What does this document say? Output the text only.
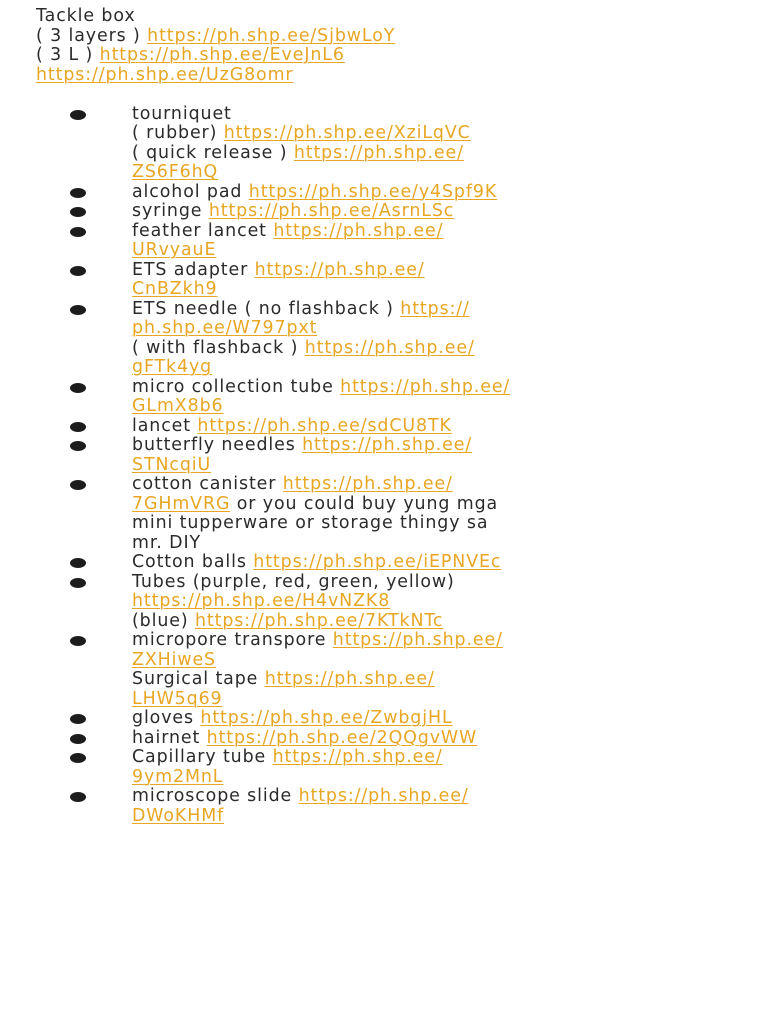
Tackle box
( 3 layers ) https://ph.shp.ee/SjbwLoY
( 3 L ) https://ph.shp.ee/EveJnL6
https://ph.shp.ee/UzG8omr
tourniquet
( rubber) https://ph.shp.ee/XziLqVC
( quick release ) https://ph.shp.ee/
ZS6F6hQ
alcohol pad https://ph.shp.ee/y4Spf9K
syringe https://ph.shp.ee/AsrnLSc
feather lancet https://ph.shp.ee/
URvyauE
ETS adapter https://ph.shp.ee/
CnBZkh9
ETS needle ( no flashback ) https://
ph.shp.ee/W797pxt
( with flashback ) https://ph.shp.ee/
gFTk4yg
micro collection tube https://ph.shp.ee/
GLmX8b6
lancet https://ph.shp.ee/sdCU8TK
butterfly needles https://ph.shp.ee/
STNcqiU
cotton canister https://ph.shp.ee/
7GHmVRG or you could buy yung mga
mini tupperware or storage thingy sa
mr. DIY
Cotton balls https://ph.shp.ee/iEPNVEc
Tubes (purple, red, green, yellow)
https://ph.shp.ee/H4vNZK8
(blue) https://ph.shp.ee/7KTkNTc
micropore transpore https://ph.shp.ee/
ZXHiweS
Surgical tape https://ph.shp.ee/
LHW5q69
gloves https://ph.shp.ee/ZwbgjHL
hairnet https://ph.shp.ee/2QQgvWW
Capillary tube https://ph.shp.ee/
9ym2MnL
microscope slide https://ph.shp.ee/
DWoKHMf
